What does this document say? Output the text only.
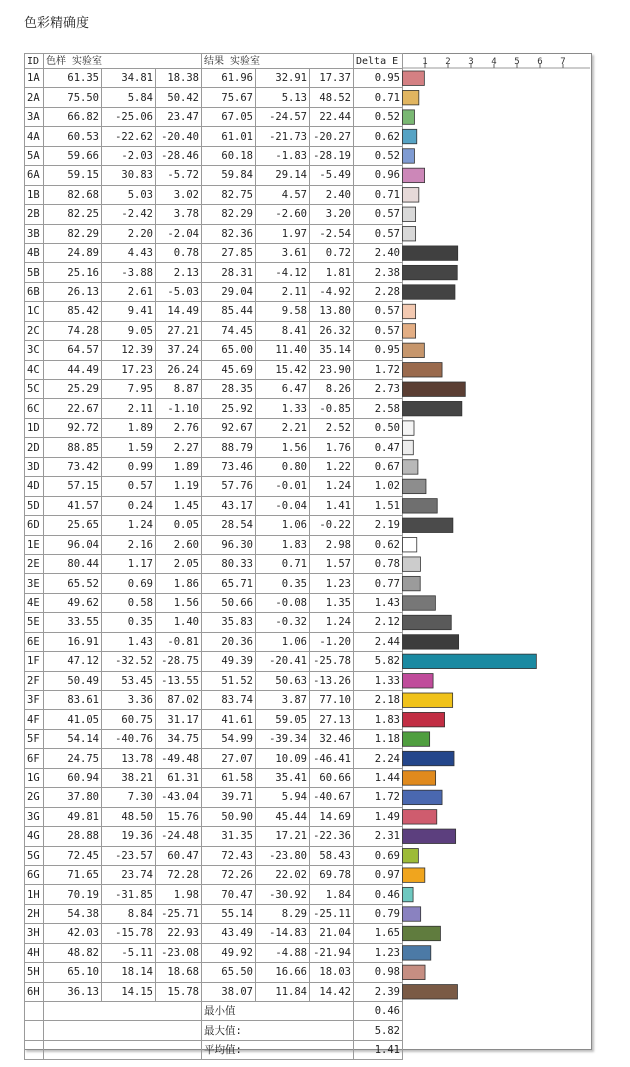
色彩精确度
ID	色样 实验室			结果 实验室			Delta E
1A	61.35	34.81	18.38	61.96	32.91	17.37	0.95
2A	75.50	5.84	50.42	75.67	5.13	48.52	0.71
3A	66.82	-25.06	23.47	67.05	-24.57	22.44	0.52
4A	60.53	-22.62	-20.40	61.01	-21.73	-20.27	0.62
5A	59.66	-2.03	-28.46	60.18	-1.83	-28.19	0.52
6A	59.15	30.83	-5.72	59.84	29.14	-5.49	0.96
1B	82.68	5.03	3.02	82.75	4.57	2.40	0.71
2B	82.25	-2.42	3.78	82.29	-2.60	3.20	0.57
3B	82.29	2.20	-2.04	82.36	1.97	-2.54	0.57
4B	24.89	4.43	0.78	27.85	3.61	0.72	2.40
5B	25.16	-3.88	2.13	28.31	-4.12	1.81	2.38
6B	26.13	2.61	-5.03	29.04	2.11	-4.92	2.28
1C	85.42	9.41	14.49	85.44	9.58	13.80	0.57
2C	74.28	9.05	27.21	74.45	8.41	26.32	0.57
3C	64.57	12.39	37.24	65.00	11.40	35.14	0.95
4C	44.49	17.23	26.24	45.69	15.42	23.90	1.72
5C	25.29	7.95	8.87	28.35	6.47	8.26	2.73
6C	22.67	2.11	-1.10	25.92	1.33	-0.85	2.58
1D	92.72	1.89	2.76	92.67	2.21	2.52	0.50
2D	88.85	1.59	2.27	88.79	1.56	1.76	0.47
3D	73.42	0.99	1.89	73.46	0.80	1.22	0.67
4D	57.15	0.57	1.19	57.76	-0.01	1.24	1.02
5D	41.57	0.24	1.45	43.17	-0.04	1.41	1.51
6D	25.65	1.24	0.05	28.54	1.06	-0.22	2.19
1E	96.04	2.16	2.60	96.30	1.83	2.98	0.62
2E	80.44	1.17	2.05	80.33	0.71	1.57	0.78
3E	65.52	0.69	1.86	65.71	0.35	1.23	0.77
4E	49.62	0.58	1.56	50.66	-0.08	1.35	1.43
5E	33.55	0.35	1.40	35.83	-0.32	1.24	2.12
6E	16.91	1.43	-0.81	20.36	1.06	-1.20	2.44
1F	47.12	-32.52	-28.75	49.39	-20.41	-25.78	5.82
2F	50.49	53.45	-13.55	51.52	50.63	-13.26	1.33
3F	83.61	3.36	87.02	83.74	3.87	77.10	2.18
4F	41.05	60.75	31.17	41.61	59.05	27.13	1.83
5F	54.14	-40.76	34.75	54.99	-39.34	32.46	1.18
6F	24.75	13.78	-49.48	27.07	10.09	-46.41	2.24
1G	60.94	38.21	61.31	61.58	35.41	60.66	1.44
2G	37.80	7.30	-43.04	39.71	5.94	-40.67	1.72
3G	49.81	48.50	15.76	50.90	45.44	14.69	1.49
4G	28.88	19.36	-24.48	31.35	17.21	-22.36	2.31
5G	72.45	-23.57	60.47	72.43	-23.80	58.43	0.69
6G	71.65	23.74	72.28	72.26	22.02	69.78	0.97
1H	70.19	-31.85	1.98	70.47	-30.92	1.84	0.46
2H	54.38	8.84	-25.71	55.14	8.29	-25.11	0.79
3H	42.03	-15.78	22.93	43.49	-14.83	21.04	1.65
4H	48.82	-5.11	-23.08	49.92	-4.88	-21.94	1.23
5H	65.10	18.14	18.68	65.50	16.66	18.03	0.98
6H	36.13	14.15	15.78	38.07	11.84	14.42	2.39
				最小值			0.46
				最大值:			5.82
				平均值:			1.41
1 2 3 4 5 6 7
